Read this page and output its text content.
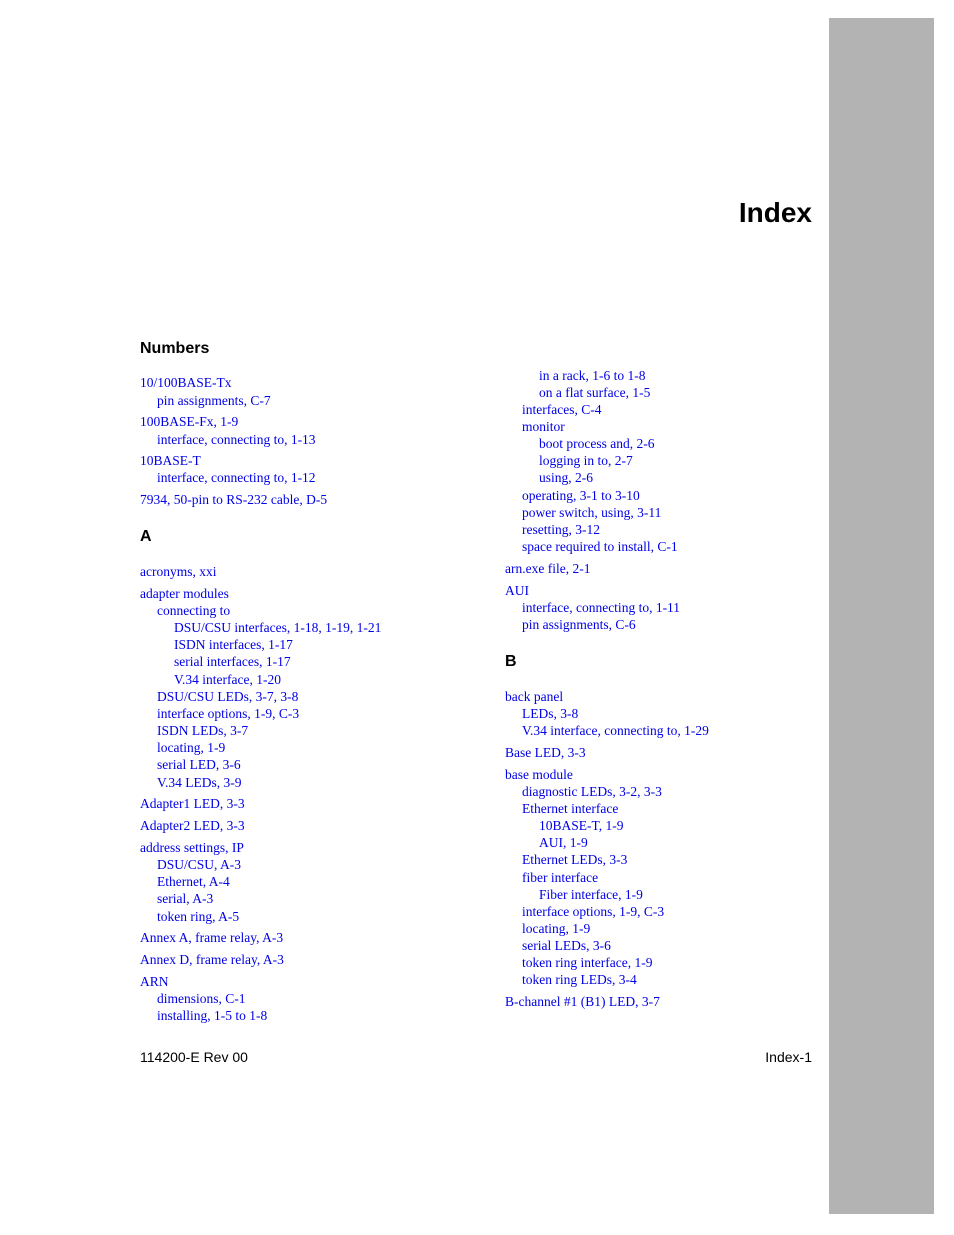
Index
Numbers
10/100BASE-Tx
pin assignments, C-7
100BASE-Fx, 1-9
interface, connecting to, 1-13
10BASE-T
interface, connecting to, 1-12
7934, 50-pin to RS-232 cable, D-5
A
acronyms, xxi
adapter modules
connecting to
DSU/CSU interfaces, 1-18, 1-19, 1-21
ISDN interfaces, 1-17
serial interfaces, 1-17
V.34 interface, 1-20
DSU/CSU LEDs, 3-7, 3-8
interface options, 1-9, C-3
ISDN LEDs, 3-7
locating, 1-9
serial LED, 3-6
V.34 LEDs, 3-9
Adapter1 LED, 3-3
Adapter2 LED, 3-3
address settings, IP
DSU/CSU, A-3
Ethernet, A-4
serial, A-3
token ring, A-5
Annex A, frame relay, A-3
Annex D, frame relay, A-3
ARN
dimensions, C-1
installing, 1-5 to 1-8
in a rack, 1-6 to 1-8
on a flat surface, 1-5
interfaces, C-4
monitor
boot process and, 2-6
logging in to, 2-7
using, 2-6
operating, 3-1 to 3-10
power switch, using, 3-11
resetting, 3-12
space required to install, C-1
arn.exe file, 2-1
AUI
interface, connecting to, 1-11
pin assignments, C-6
B
back panel
LEDs, 3-8
V.34 interface, connecting to, 1-29
Base LED, 3-3
base module
diagnostic LEDs, 3-2, 3-3
Ethernet interface
10BASE-T, 1-9
AUI, 1-9
Ethernet LEDs, 3-3
fiber interface
Fiber interface, 1-9
interface options, 1-9, C-3
locating, 1-9
serial LEDs, 3-6
token ring interface, 1-9
token ring LEDs, 3-4
B-channel #1 (B1) LED, 3-7
114200-E Rev 00	Index-1
